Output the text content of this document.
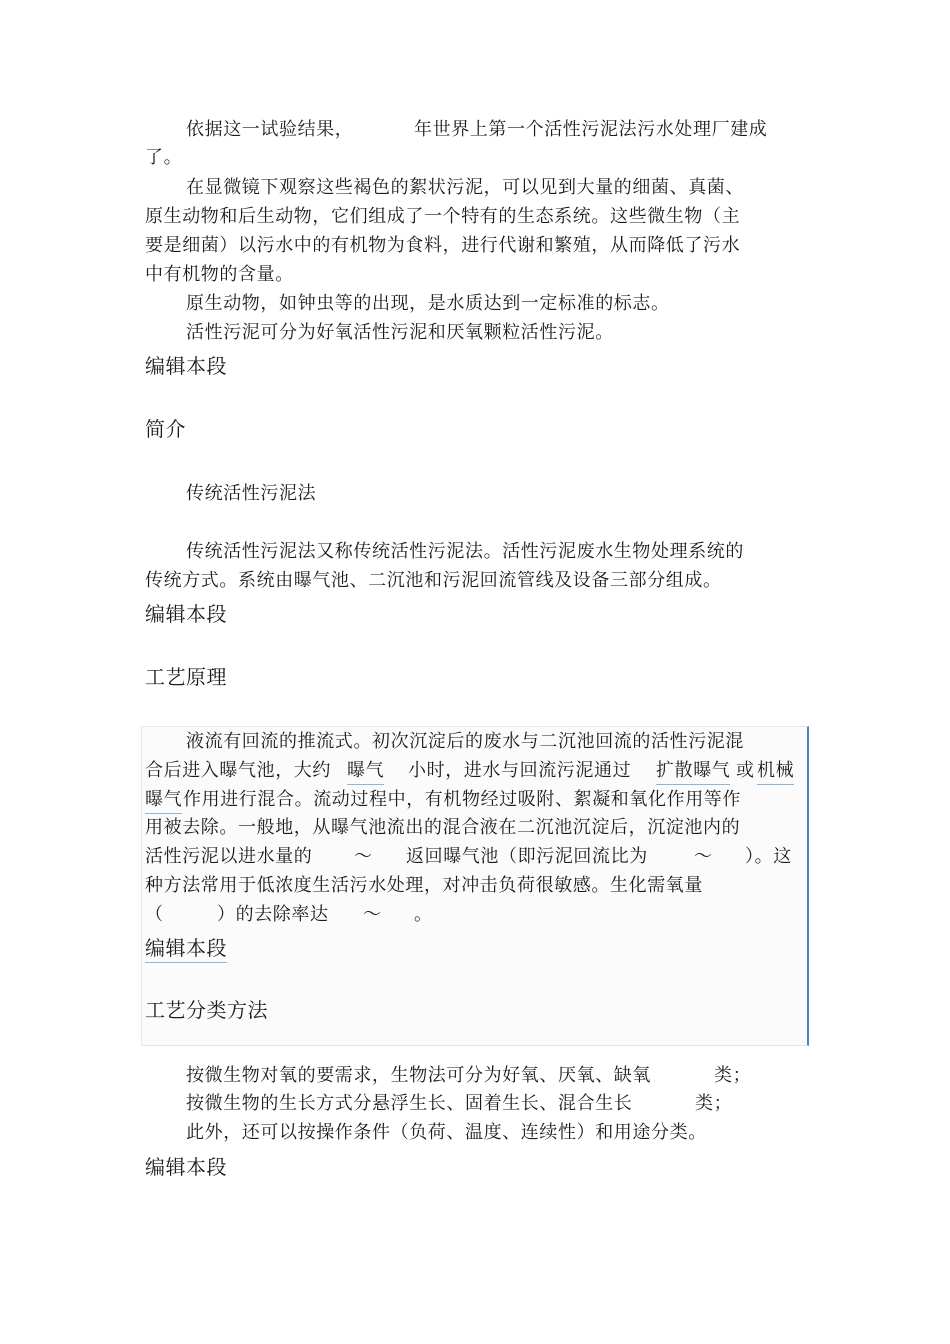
依据这一试验结果，	年世界上第一个活性污泥法污水处理厂建成
了。
在显微镜下观察这些褐色的絮状污泥，可以见到大量的细菌、真菌、
原生动物和后生动物，它们组成了一个特有的生态系统。这些微生物（主
要是细菌）以污水中的有机物为食料，进行代谢和繁殖，从而降低了污水
中有机物的含量。
原生动物，如钟虫等的出现，是水质达到一定标准的标志。
活性污泥可分为好氧活性污泥和厌氧颗粒活性污泥。
编辑本段
简介
传统活性污泥法
传统活性污泥法又称传统活性污泥法。活性污泥废水生物处理系统的
传统方式。系统由曝气池、二沉池和污泥回流管线及设备三部分组成。
编辑本段
工艺原理
液流有回流的推流式。初次沉淀后的废水与二沉池回流的活性污泥混
合后进入曝气池，大约 曝气 小时，进水与回流污泥通过 扩散曝气 或 机械
曝气 作用进行混合。流动过程中，有机物经过吸附、絮凝和氧化作用等作
用被去除。一般地，从曝气池流出的混合液在二沉池沉淀后，沉淀池内的
活性污泥以进水量的 ～ 返回曝气池（即污泥回流比为	～ ）。这
种方法常用于低浓度生活污水处理，对冲击负荷很敏感。生化需氧量
（	）的去除率达 ～ 。
编辑本段
工艺分类方法
按微生物对氧的要需求，生物法可分为好氧、厌氧、缺氧	类；
按微生物的生长方式分悬浮生长、固着生长、混合生长	类；
此外，还可以按操作条件（负荷、温度、连续性）和用途分类。
编辑本段
